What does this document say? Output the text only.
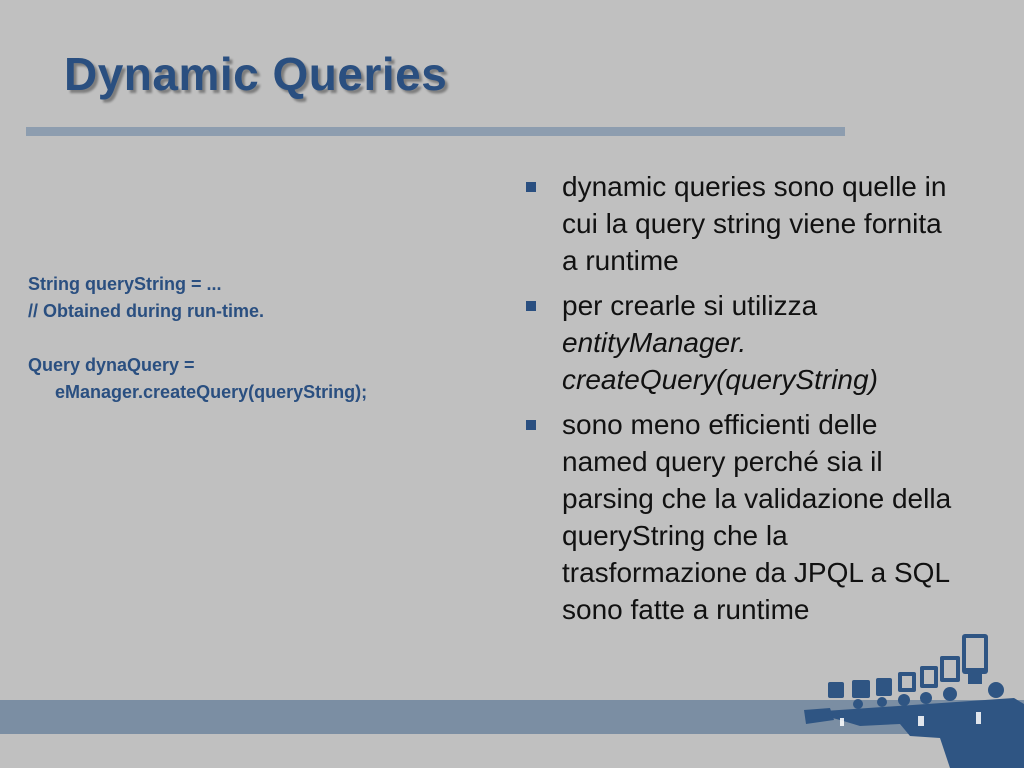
Dynamic Queries
String queryString = ...
// Obtained during run-time.
Query dynaQuery =
eManager.createQuery(queryString);
dynamic queries sono quelle in cui la query string viene fornita a runtime
per crearle si utilizza
entityManager.
createQuery(queryString)
sono meno efficienti delle named query perché sia il parsing che la validazione della queryString che la trasformazione da JPQL a SQL sono fatte a runtime
